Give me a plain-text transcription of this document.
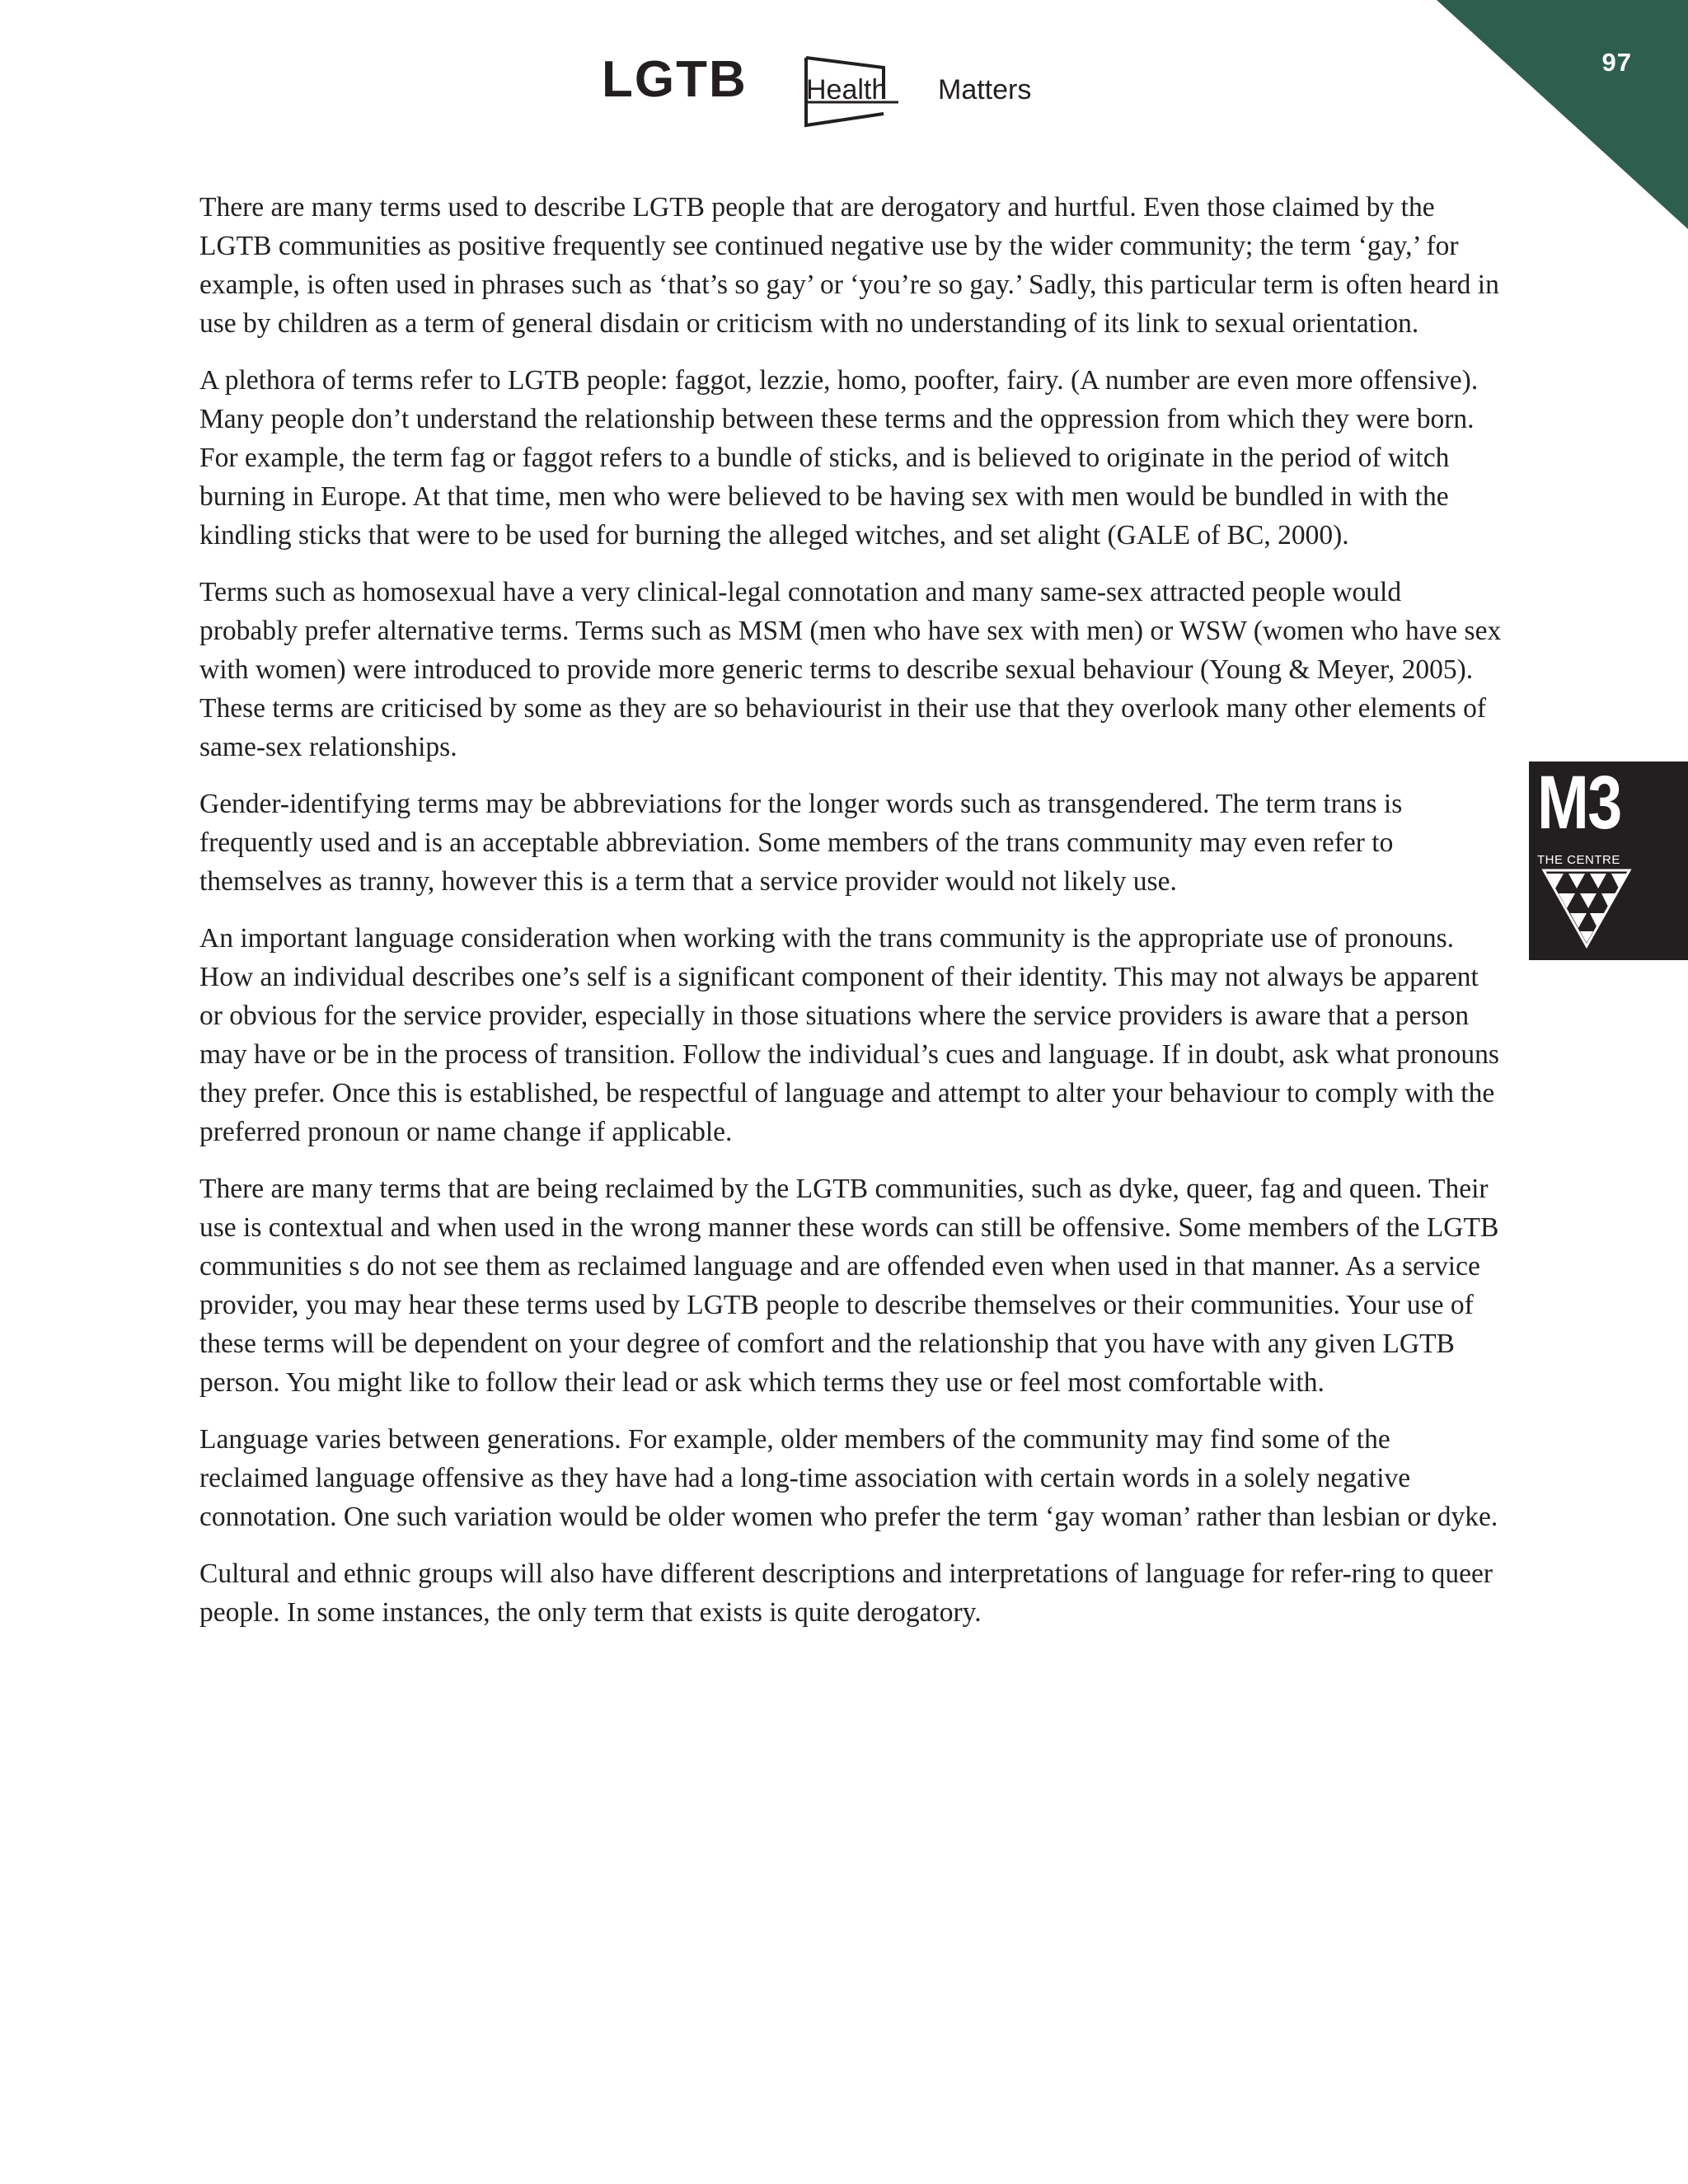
97
LGTB Health Matters

There are many terms used to describe LGTB people that are derogatory and hurtful. Even those claimed by the LGTB communities as positive frequently see continued negative use by the wider community; the term ‘gay,’ for example, is often used in phrases such as ‘that’s so gay’ or ‘you’re so gay.’ Sadly, this particular term is often heard in use by children as a term of general disdain or criticism with no understanding of its link to sexual orientation.

A plethora of terms refer to LGTB people: faggot, lezzie, homo, poofter, fairy. (A number are even more offensive). Many people don’t understand the relationship between these terms and the oppression from which they were born. For example, the term fag or faggot refers to a bundle of sticks, and is believed to originate in the period of witch burning in Europe. At that time, men who were believed to be having sex with men would be bundled in with the kindling sticks that were to be used for burning the alleged witches, and set alight (GALE of BC, 2000).

Terms such as homosexual have a very clinical-legal connotation and many same-sex attracted people would probably prefer alternative terms. Terms such as MSM (men who have sex with men) or WSW (women who have sex with women) were introduced to provide more generic terms to describe sexual behaviour (Young & Meyer, 2005). These terms are criticised by some as they are so behaviourist in their use that they overlook many other elements of same-sex relationships.

Gender-identifying terms may be abbreviations for the longer words such as transgendered. The term trans is frequently used and is an acceptable abbreviation. Some members of the trans community may even refer to themselves as tranny, however this is a term that a service provider would not likely use.

An important language consideration when working with the trans community is the appropriate use of pronouns. How an individual describes one’s self is a significant component of their identity. This may not always be apparent or obvious for the service provider, especially in those situations where the service providers is aware that a person may have or be in the process of transition. Follow the individual’s cues and language. If in doubt, ask what pronouns they prefer. Once this is established, be respectful of language and attempt to alter your behaviour to comply with the preferred pronoun or name change if applicable.

There are many terms that are being reclaimed by the LGTB communities, such as dyke, queer, fag and queen. Their use is contextual and when used in the wrong manner these words can still be offensive. Some members of the LGTB communities s do not see them as reclaimed language and are offended even when used in that manner. As a service provider, you may hear these terms used by LGTB people to describe themselves or their communities. Your use of these terms will be dependent on your degree of comfort and the relationship that you have with any given LGTB person. You might like to follow their lead or ask which terms they use or feel most comfortable with.

Language varies between generations. For example, older members of the community may find some of the reclaimed language offensive as they have had a long-time association with certain words in a solely negative connotation. One such variation would be older women who prefer the term ‘gay woman’ rather than lesbian or dyke.

Cultural and ethnic groups will also have different descriptions and interpretations of language for refer-ring to queer people. In some instances, the only term that exists is quite derogatory.

M3
THE CENTRE
